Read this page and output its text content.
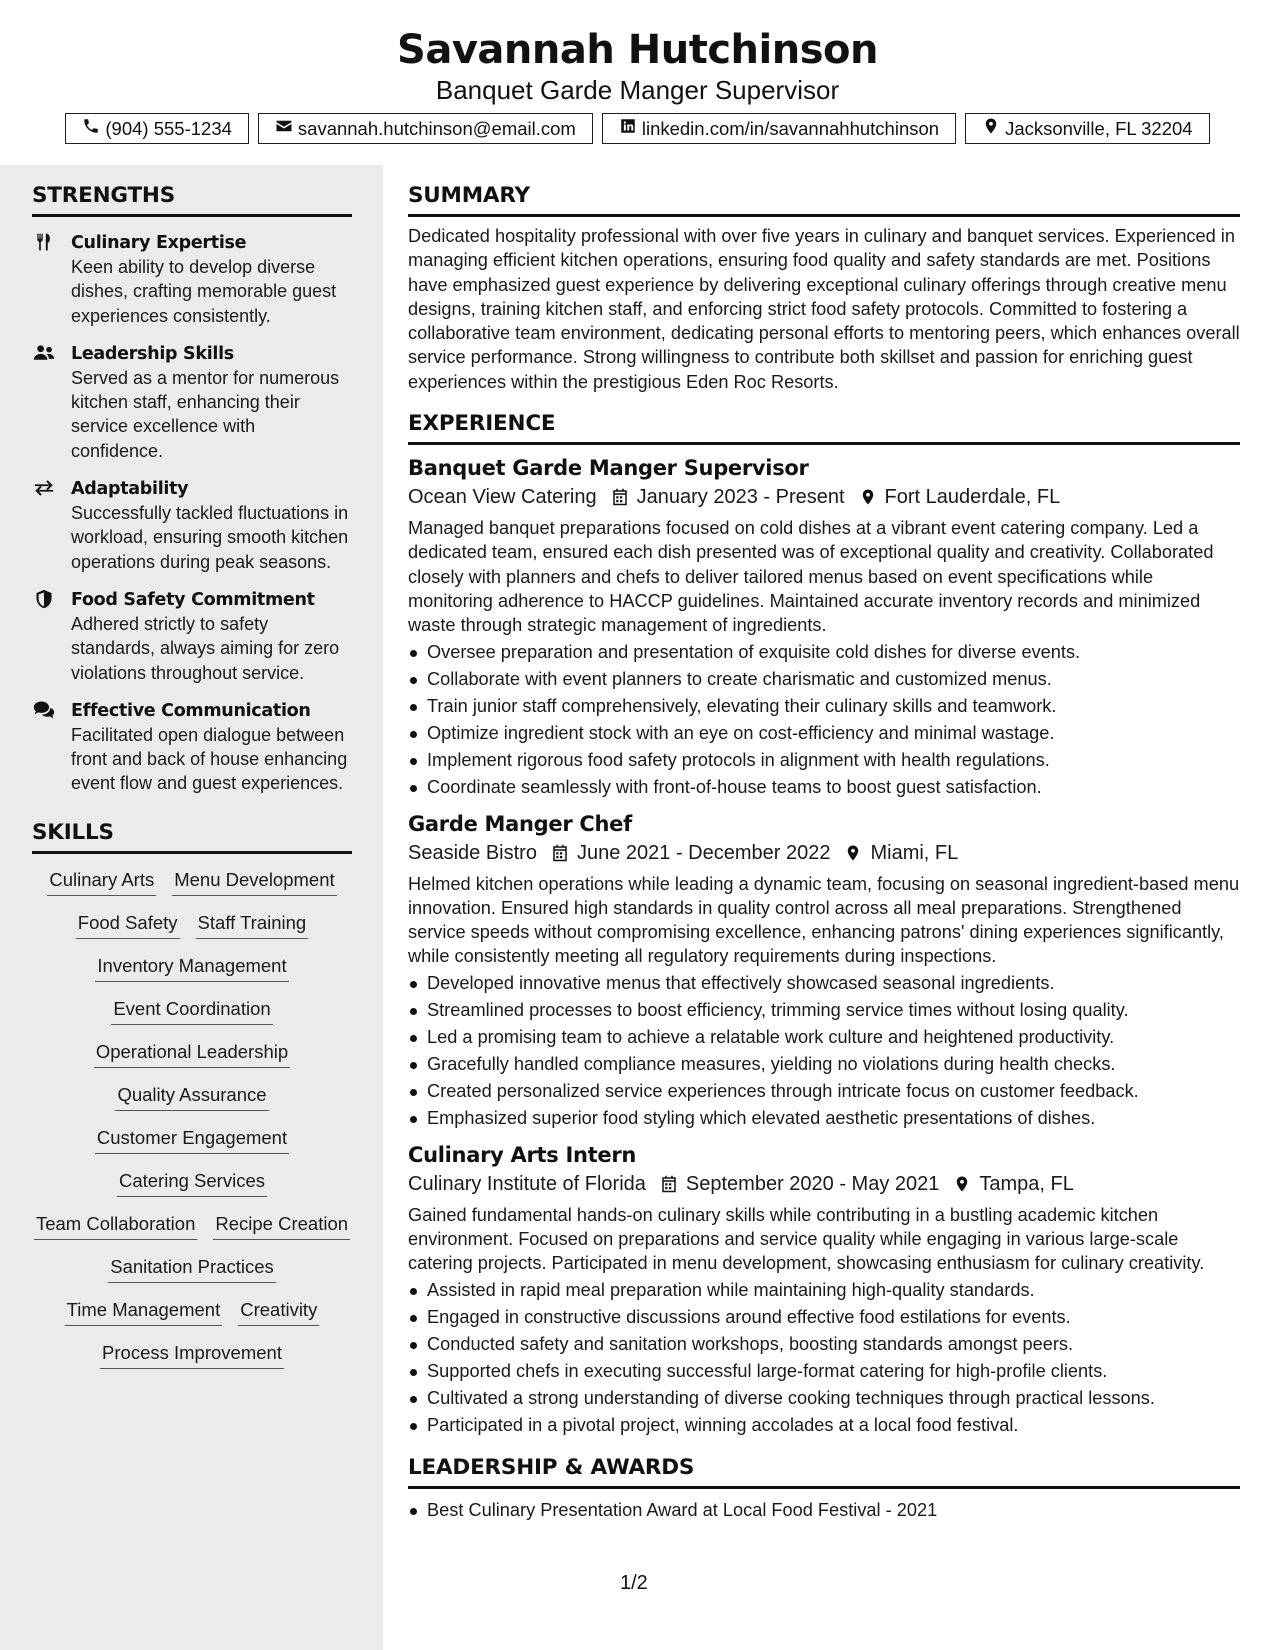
Savannah Hutchinson
Banquet Garde Manger Supervisor
(904) 555-1234	savannah.hutchinson@email.com	linkedin.com/in/savannahhutchinson	Jacksonville, FL 32204
STRENGTHS
Culinary Expertise
Keen ability to develop diverse dishes, crafting memorable guest experiences consistently.
Leadership Skills
Served as a mentor for numerous kitchen staff, enhancing their service excellence with confidence.
Adaptability
Successfully tackled fluctuations in workload, ensuring smooth kitchen operations during peak seasons.
Food Safety Commitment
Adhered strictly to safety standards, always aiming for zero violations throughout service.
Effective Communication
Facilitated open dialogue between front and back of house enhancing event flow and guest experiences.
SKILLS
Culinary Arts Menu Development
Food Safety Staff Training
Inventory Management
Event Coordination
Operational Leadership
Quality Assurance
Customer Engagement
Catering Services
Team Collaboration Recipe Creation
Sanitation Practices
Time Management Creativity
Process Improvement
SUMMARY
Dedicated hospitality professional with over five years in culinary and banquet services. Experienced in managing efficient kitchen operations, ensuring food quality and safety standards are met. Positions have emphasized guest experience by delivering exceptional culinary offerings through creative menu designs, training kitchen staff, and enforcing strict food safety protocols. Committed to fostering a collaborative team environment, dedicating personal efforts to mentoring peers, which enhances overall service performance. Strong willingness to contribute both skillset and passion for enriching guest experiences within the prestigious Eden Roc Resorts.
EXPERIENCE
Banquet Garde Manger Supervisor
Ocean View Catering January 2023 - Present Fort Lauderdale, FL
Managed banquet preparations focused on cold dishes at a vibrant event catering company. Led a dedicated team, ensured each dish presented was of exceptional quality and creativity. Collaborated closely with planners and chefs to deliver tailored menus based on event specifications while monitoring adherence to HACCP guidelines. Maintained accurate inventory records and minimized waste through strategic management of ingredients.
Oversee preparation and presentation of exquisite cold dishes for diverse events.
Collaborate with event planners to create charismatic and customized menus.
Train junior staff comprehensively, elevating their culinary skills and teamwork.
Optimize ingredient stock with an eye on cost-efficiency and minimal wastage.
Implement rigorous food safety protocols in alignment with health regulations.
Coordinate seamlessly with front-of-house teams to boost guest satisfaction.
Garde Manger Chef
Seaside Bistro June 2021 - December 2022 Miami, FL
Helmed kitchen operations while leading a dynamic team, focusing on seasonal ingredient-based menu innovation. Ensured high standards in quality control across all meal preparations. Strengthened service speeds without compromising excellence, enhancing patrons' dining experiences significantly, while consistently meeting all regulatory requirements during inspections.
Developed innovative menus that effectively showcased seasonal ingredients.
Streamlined processes to boost efficiency, trimming service times without losing quality.
Led a promising team to achieve a relatable work culture and heightened productivity.
Gracefully handled compliance measures, yielding no violations during health checks.
Created personalized service experiences through intricate focus on customer feedback.
Emphasized superior food styling which elevated aesthetic presentations of dishes.
Culinary Arts Intern
Culinary Institute of Florida September 2020 - May 2021 Tampa, FL
Gained fundamental hands-on culinary skills while contributing in a bustling academic kitchen environment. Focused on preparations and service quality while engaging in various large-scale catering projects. Participated in menu development, showcasing enthusiasm for culinary creativity.
Assisted in rapid meal preparation while maintaining high-quality standards.
Engaged in constructive discussions around effective food estilations for events.
Conducted safety and sanitation workshops, boosting standards amongst peers.
Supported chefs in executing successful large-format catering for high-profile clients.
Cultivated a strong understanding of diverse cooking techniques through practical lessons.
Participated in a pivotal project, winning accolades at a local food festival.
LEADERSHIP & AWARDS
Best Culinary Presentation Award at Local Food Festival - 2021
1/2
